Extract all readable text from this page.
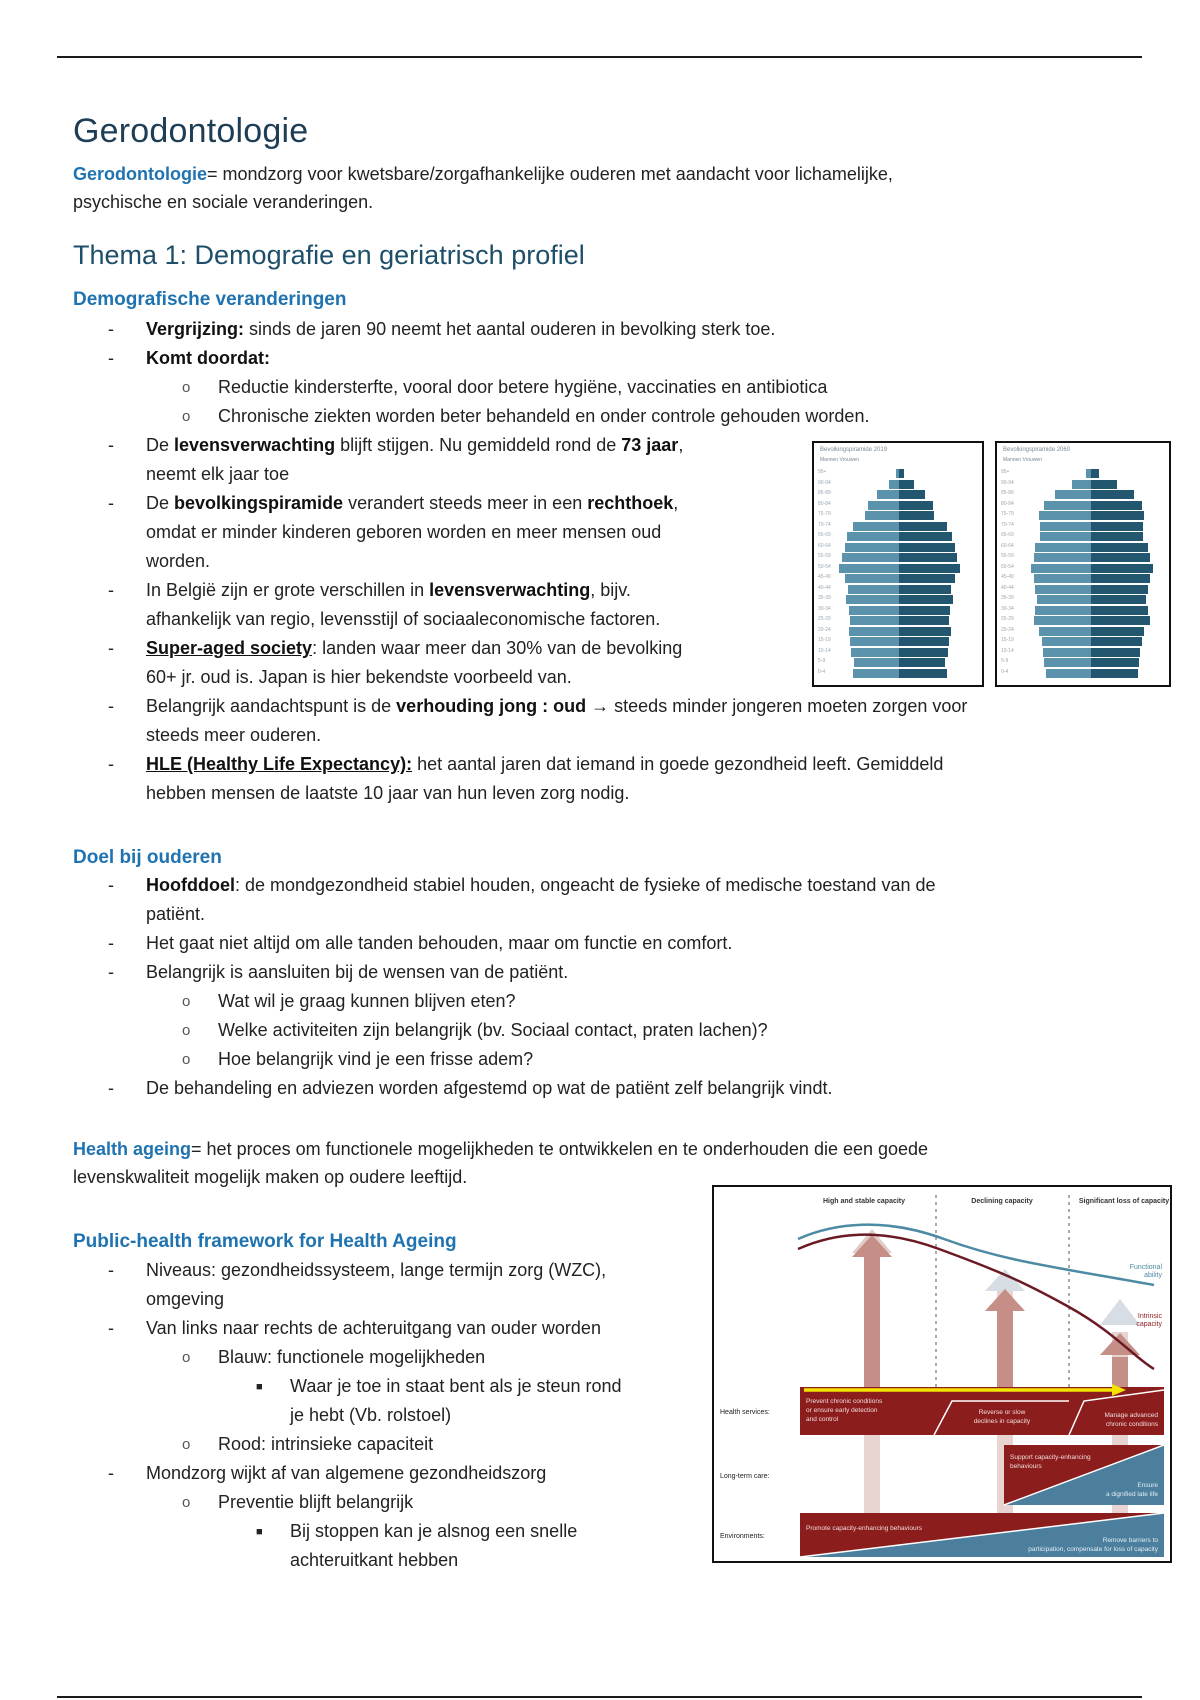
Gerodontologie

Gerodontologie= mondzorg voor kwetsbare/zorgafhankelijke ouderen met aandacht voor lichamelijke,
psychische en sociale veranderingen.

Thema 1: Demografie en geriatrisch profiel
Demografische veranderingen
-	Vergrijzing: sinds de jaren 90 neemt het aantal ouderen in bevolking sterk toe.
-	Komt doordat:
o	Reductie kindersterfte, vooral door betere hygiëne, vaccinaties en antibiotica
o	Chronische ziekten worden beter behandeld en onder controle gehouden worden.
-	De levensverwachting blijft stijgen. Nu gemiddeld rond de 73 jaar,
neemt elk jaar toe
-	De bevolkingspiramide verandert steeds meer in een rechthoek,
omdat er minder kinderen geboren worden en meer mensen oud
worden.
-	In België zijn er grote verschillen in levensverwachting, bijv.
afhankelijk van regio, levensstijl of sociaaleconomische factoren.
-	Super-aged society: landen waar meer dan 30% van de bevolking
60+ jr. oud is. Japan is hier bekendste voorbeeld van.
-	Belangrijk aandachtspunt is de verhouding jong : oud → steeds minder jongeren moeten zorgen voor
steeds meer ouderen.
-	HLE (Healthy Life Expectancy): het aantal jaren dat iemand in goede gezondheid leeft. Gemiddeld
hebben mensen de laatste 10 jaar van hun leven zorg nodig.
Bevolkingspiramide 2019
Mannen Vrouwen
95+
90-94
85-89
80-84
75-79
70-74
65-69
60-64
55-59
50-54
45-49
40-44
35-39
30-34
25-29
20-24
15-19
10-14
5-9
0-4
Bevolkingspiramide 2060
Mannen Vrouwen
95+
90-94
85-89
80-84
75-79
70-74
65-69
60-64
55-59
50-54
45-49
40-44
35-39
30-34
25-29
20-24
15-19
10-14
5-9
0-4
Doel bij ouderen
-	Hoofddoel: de mondgezondheid stabiel houden, ongeacht de fysieke of medische toestand van de
patiënt.
-	Het gaat niet altijd om alle tanden behouden, maar om functie en comfort.
-	Belangrijk is aansluiten bij de wensen van de patiënt.
o	Wat wil je graag kunnen blijven eten?
o	Welke activiteiten zijn belangrijk (bv. Sociaal contact, praten lachen)?
o	Hoe belangrijk vind je een frisse adem?
-	De behandeling en adviezen worden afgestemd op wat de patiënt zelf belangrijk vindt.

Health ageing= het proces om functionele mogelijkheden te ontwikkelen en te onderhouden die een goede
levenskwaliteit mogelijk maken op oudere leeftijd.

Public-health framework for Health Ageing
-	Niveaus: gezondheidssysteem, lange termijn zorg (WZC),
omgeving
-	Van links naar rechts de achteruitgang van ouder worden
o	Blauw: functionele mogelijkheden
■	Waar je toe in staat bent als je steun rond
je hebt (Vb. rolstoel)
o	Rood: intrinsieke capaciteit
-	Mondzorg wijkt af van algemene gezondheidszorg
o	Preventie blijft belangrijk
■	Bij stoppen kan je alsnog een snelle
achteruitkant hebben
High and stable capacity	Declining capacity	Significant loss of capacity
Functional
ability
Intrinsic
capacity
Prevent chronic conditions
or ensure early detection
and control
Reverse or slow
declines in capacity
Manage advanced
chronic conditions
Health services:
Support capacity-enhancing
behaviours
Ensure
a dignified late life
Long-term care:
Promote capacity-enhancing behaviours
Remove barriers to
participation, compensate for loss of capacity
Environments:
